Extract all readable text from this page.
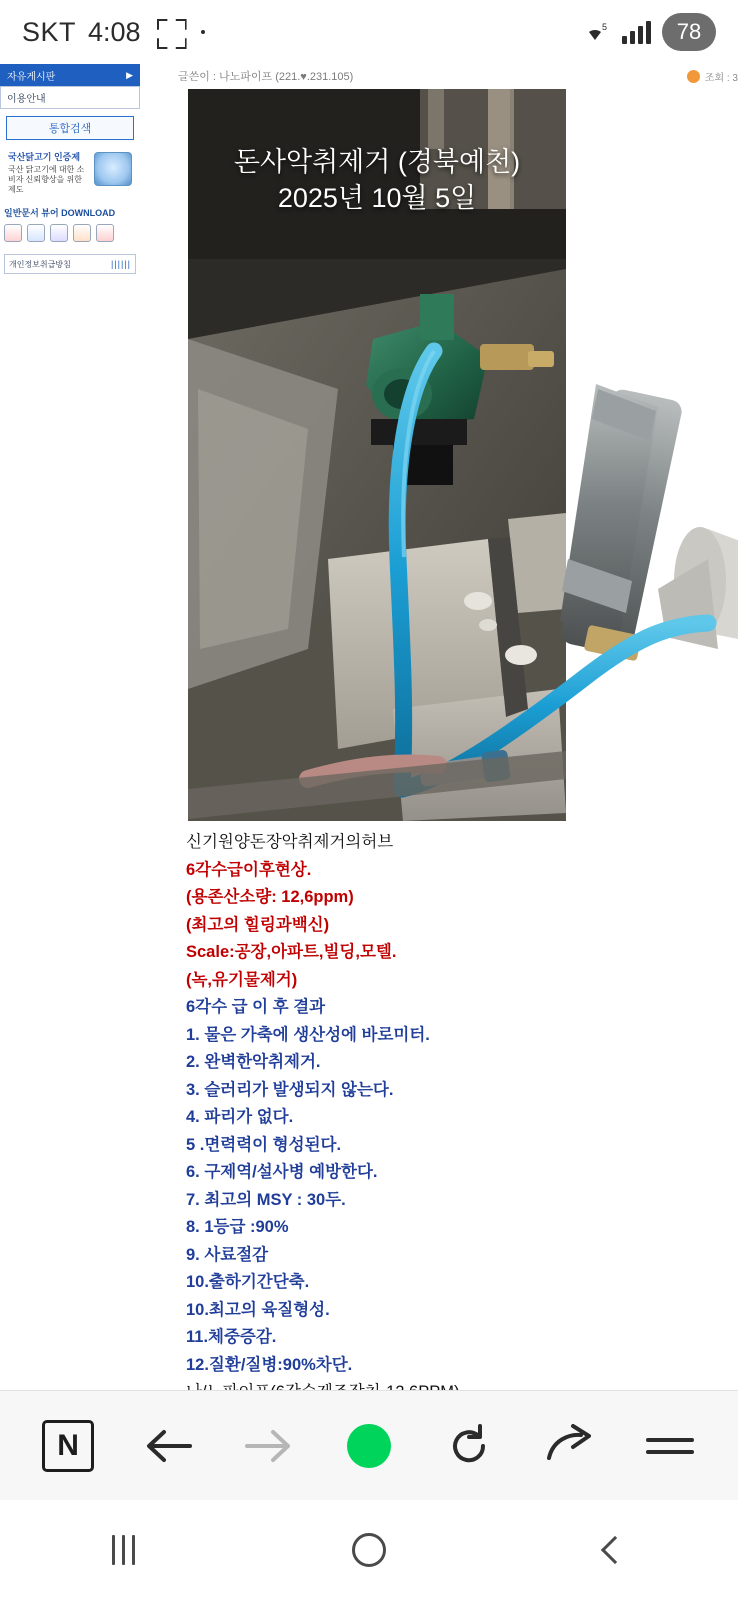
SKT 4:08	5	78
자유게시판	▶
이용안내
통합검색
국산닭고기 인증제
국산 닭고기에 대한 소비자 신뢰향상을 위한 제도
일반문서 뷰어 DOWNLOAD
개인정보취급방침	||||||
글쓴이 : 나노파이프 (221.♥.231.105)	조회 : 3
돈사악취제거 (경북예천)
2025년 10월 5일
신기원양돈장악취제거의허브
6각수급이후현상.
(용존산소량: 12,6ppm)
(최고의 힐링과백신)
Scale:공장,아파트,빌딩,모텔.
(녹,유기물제거)
6각수 급 이 후 결과
1. 물은 가축에 생산성에 바로미터.
2. 완벽한악취제거.
3. 슬러리가 발생되지 않는다.
4. 파리가 없다.
5 .면력력이 형성된다.
6. 구제역/설사병 예방한다.
7. 최고의 MSY : 30두.
8. 1등급 :90%
9. 사료절감
10.출하기간단축.
10.최고의 육질형성.
11.체중증감.
12.질환/질병:90%차단.
N
